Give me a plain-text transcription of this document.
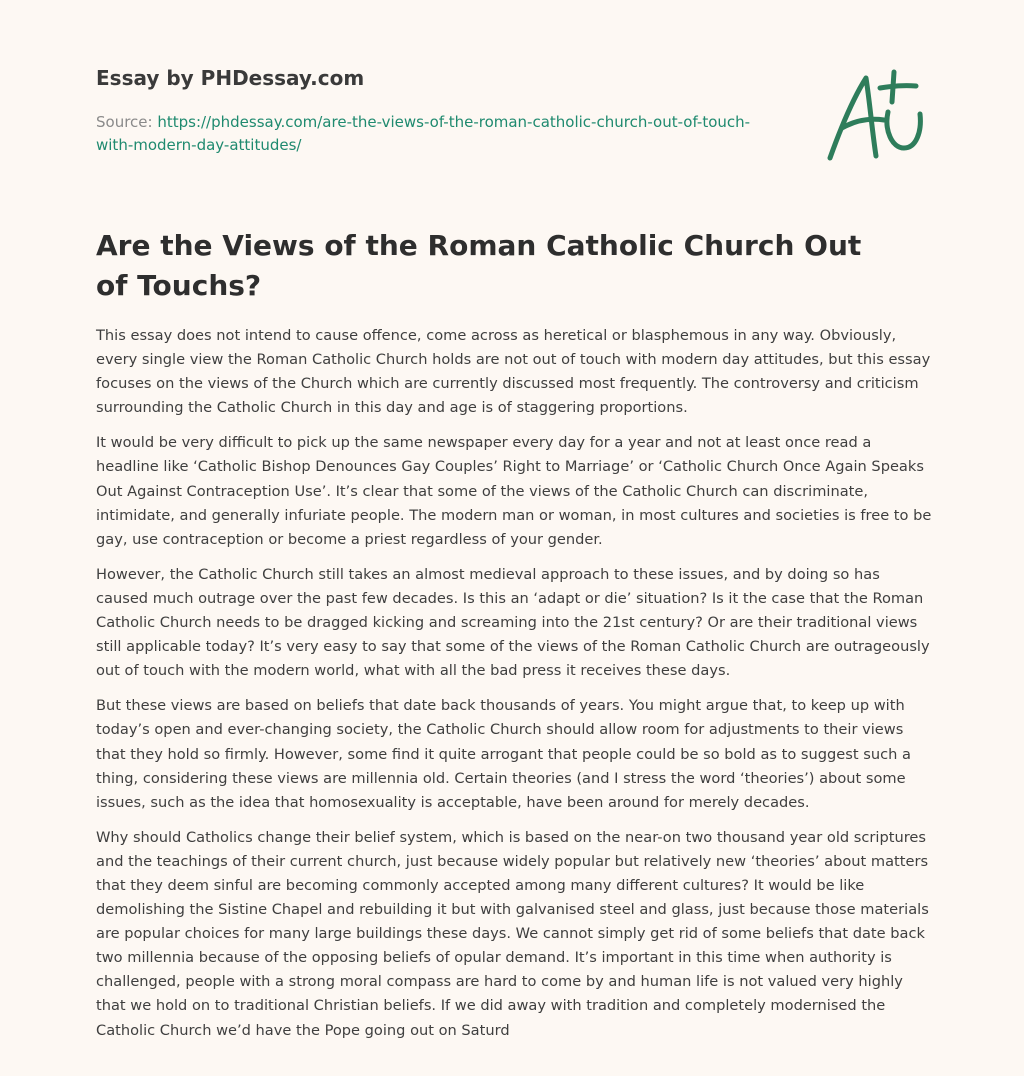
Essay by PHDessay.com
Source: https://phdessay.com/are-the-views-of-the-roman-catholic-church-out-of-touch-
with-modern-day-attitudes/
Are the Views of the Roman Catholic Church Out of Touchs?

This essay does not intend to cause offence, come across as heretical or blasphemous in any way. Obviously, every single view the Roman Catholic Church holds are not out of touch with modern day attitudes, but this essay focuses on the views of the Church which are currently discussed most frequently. The controversy and criticism surrounding the Catholic Church in this day and age is of staggering proportions.

It would be very difficult to pick up the same newspaper every day for a year and not at least once read a headline like ‘Catholic Bishop Denounces Gay Couples’ Right to Marriage’ or ‘Catholic Church Once Again Speaks Out Against Contraception Use’. It’s clear that some of the views of the Catholic Church can discriminate, intimidate, and generally infuriate people. The modern man or woman, in most cultures and societies is free to be gay, use contraception or become a priest regardless of your gender.

However, the Catholic Church still takes an almost medieval approach to these issues, and by doing so has caused much outrage over the past few decades. Is this an ‘adapt or die’ situation? Is it the case that the Roman Catholic Church needs to be dragged kicking and screaming into the 21st century? Or are their traditional views still applicable today? It’s very easy to say that some of the views of the Roman Catholic Church are outrageously out of touch with the modern world, what with all the bad press it receives these days.

But these views are based on beliefs that date back thousands of years. You might argue that, to keep up with today’s open and ever-changing society, the Catholic Church should allow room for adjustments to their views that they hold so firmly. However, some find it quite arrogant that people could be so bold as to suggest such a thing, considering these views are millennia old. Certain theories (and I stress the word ‘theories’) about some issues, such as the idea that homosexuality is acceptable, have been around for merely decades.

Why should Catholics change their belief system, which is based on the near-on two thousand year old scriptures and the teachings of their current church, just because widely popular but relatively new ‘theories’ about matters that they deem sinful are becoming commonly accepted among many different cultures? It would be like demolishing the Sistine Chapel and rebuilding it but with galvanised steel and glass, just because those materials are popular choices for many large buildings these days. We cannot simply get rid of some beliefs that date back two millennia because of the opposing beliefs of opular demand. It’s important in this time when authority is challenged, people with a strong moral compass are hard to come by and human life is not valued very highly that we hold on to traditional Christian beliefs. If we did away with tradition and completely modernised the Catholic Church we’d have the Pope going out on Saturd
